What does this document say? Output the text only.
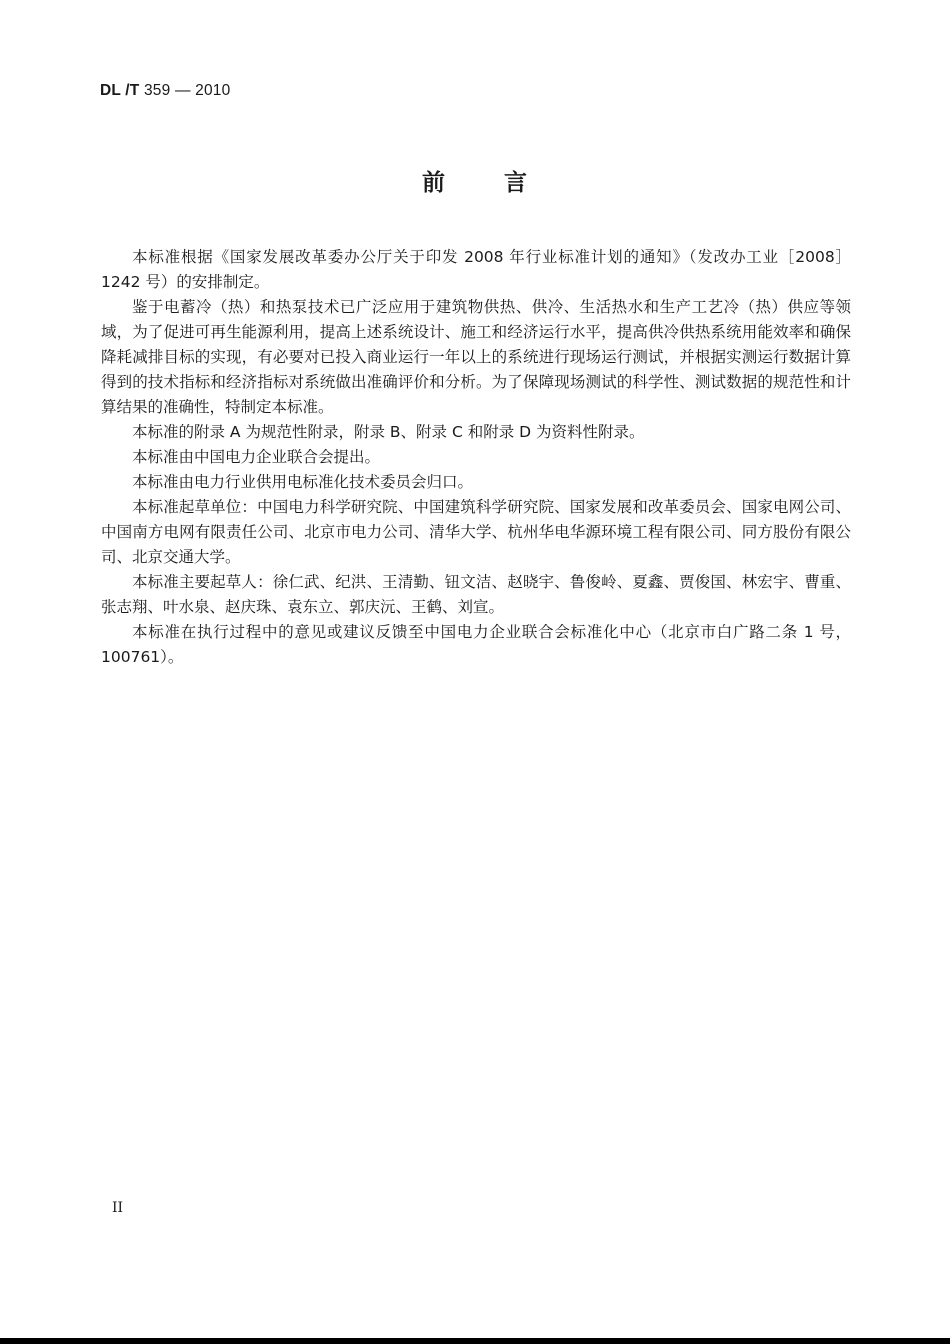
DL /T 359 — 2010
前	言

本标准根据《国家发展改革委办公厅关于印发 2008 年行业标准计划的通知》（发改办工业［2008］1242 号）的安排制定。

鉴于电蓄冷（热）和热泵技术已广泛应用于建筑物供热、供冷、生活热水和生产工艺冷（热）供应等领域，为了促进可再生能源利用，提高上述系统设计、施工和经济运行水平，提高供冷供热系统用能效率和确保降耗减排目标的实现，有必要对已投入商业运行一年以上的系统进行现场运行测试，并根据实测运行数据计算得到的技术指标和经济指标对系统做出准确评价和分析。为了保障现场测试的科学性、测试数据的规范性和计算结果的准确性，特制定本标准。

本标准的附录 A 为规范性附录，附录 B、附录 C 和附录 D 为资料性附录。

本标准由中国电力企业联合会提出。

本标准由电力行业供用电标准化技术委员会归口。

本标准起草单位：中国电力科学研究院、中国建筑科学研究院、国家发展和改革委员会、国家电网公司、中国南方电网有限责任公司、北京市电力公司、清华大学、杭州华电华源环境工程有限公司、同方股份有限公司、北京交通大学。

本标准主要起草人：徐仁武、纪洪、王清勤、钮文洁、赵晓宇、鲁俊岭、夏鑫、贾俊国、林宏宇、曹重、张志翔、叶水泉、赵庆珠、袁东立、郭庆沅、王鹤、刘宣。

本标准在执行过程中的意见或建议反馈至中国电力企业联合会标准化中心（北京市白广路二条 1 号，100761）。

II
